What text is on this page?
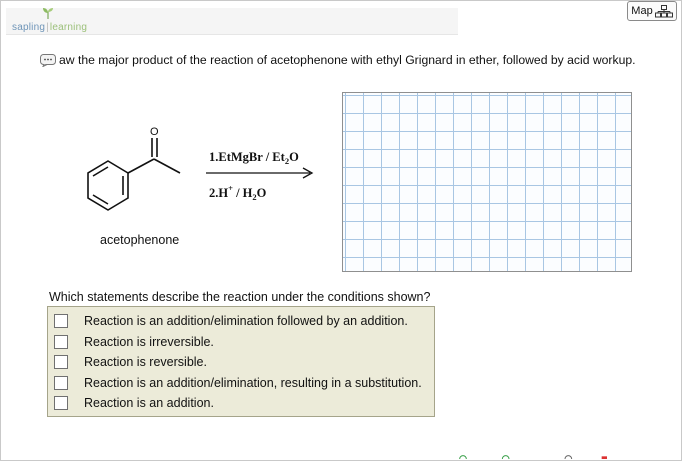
sapling | learning
Map
aw the major product of the reaction of acetophenone with ethyl Grignard in ether, followed by acid workup.
O
1.EtMgBr / $Et_2O$
$2.H^+ / H_2O$
acetophenone
Which statements describe the reaction under the conditions shown?
Reaction is an addition/elimination followed by an addition.
Reaction is irreversible.
Reaction is reversible.
Reaction is an addition/elimination, resulting in a substitution.
Reaction is an addition.
